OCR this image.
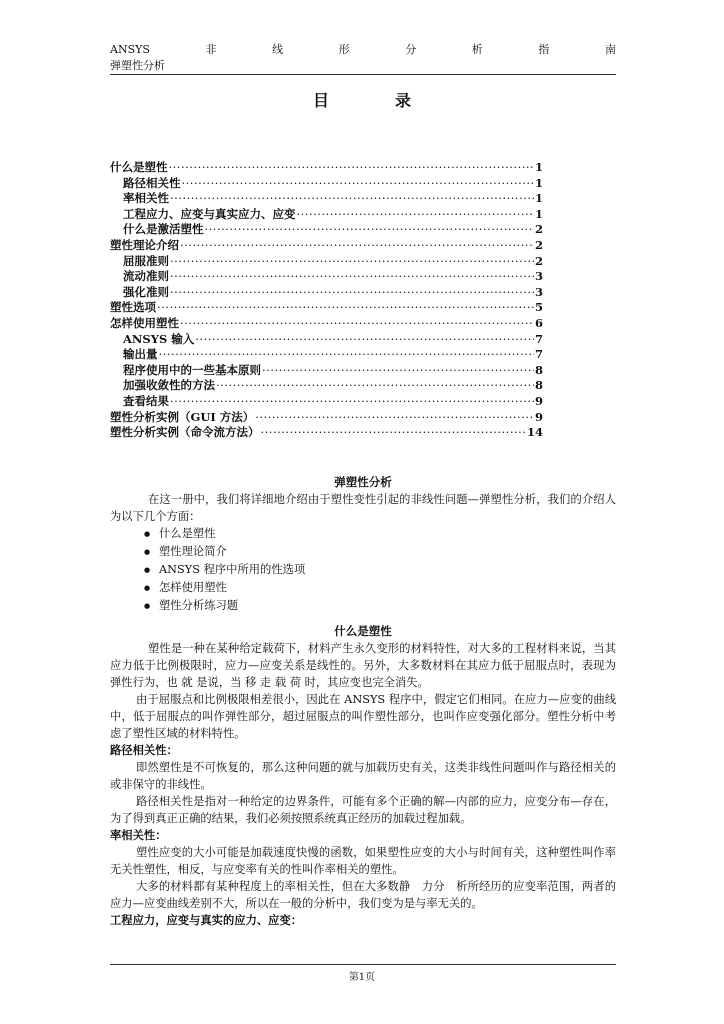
ANSYS	非	线	形	分	析	指	南
弹塑性分析
目	录
什么是塑性 ·····	1
路径相关性 ·····	1
率相关性 ·····	1
工程应力、应变与真实应力、应变 ·····	1
什么是激活塑性 ·····	2
塑性理论介绍 ·····	2
屈服准则 ·····	2
流动准则 ·····	3
强化准则 ·····	3
塑性选项 ·····	5
怎样使用塑性 ·····	6
ANSYS 输入 ·····	7
输出量 ·····	7
程序使用中的一些基本原则 ·····	8
加强收敛性的方法 ·····	8
查看结果 ·····	9
塑性分析实例（GUI 方法） ·····	9
塑性分析实例（命令流方法） ·····	14
弹塑性分析
在这一册中，我们将详细地介绍由于塑性变性引起的非线性问题—弹塑性分析，我们的介绍人为以下几个方面：
● 什么是塑性
● 塑性理论简介
● ANSYS 程序中所用的性选项
● 怎样使用塑性
● 塑性分析练习题
什么是塑性
塑性是一种在某种给定载荷下，材料产生永久变形的材料特性，对大多的工程材料来说，当其应力低于比例极限时，应力—应变关系是线性的。另外，大多数材料在其应力低于屈服点时，表现为弹性行为，也 就 是说，当 移 走 载 荷 时，其应变也完全消失。
由于屈服点和比例极限相差很小，因此在 ANSYS 程序中，假定它们相同。在应力—应变的曲线中，低于屈服点的叫作弹性部分，超过屈服点的叫作塑性部分，也叫作应变强化部分。塑性分析中考虑了塑性区域的材料特性。
路径相关性：
即然塑性是不可恢复的，那么这种问题的就与加载历史有关，这类非线性问题叫作与路径相关的或非保守的非线性。
路径相关性是指对一种给定的边界条件，可能有多个正确的解—内部的应力，应变分布—存在，为了得到真正正确的结果，我们必须按照系统真正经历的加载过程加载。
率相关性：
塑性应变的大小可能是加载速度快慢的函数，如果塑性应变的大小与时间有关，这种塑性叫作率无关性塑性，相反，与应变率有关的性叫作率相关的塑性。
大多的材料都有某种程度上的率相关性，但在大多数静　力分　析所经历的应变率范围，两者的应力—应变曲线差别不大，所以在一般的分析中，我们变为是与率无关的。
工程应力，应变与真实的应力、应变：
第1页
